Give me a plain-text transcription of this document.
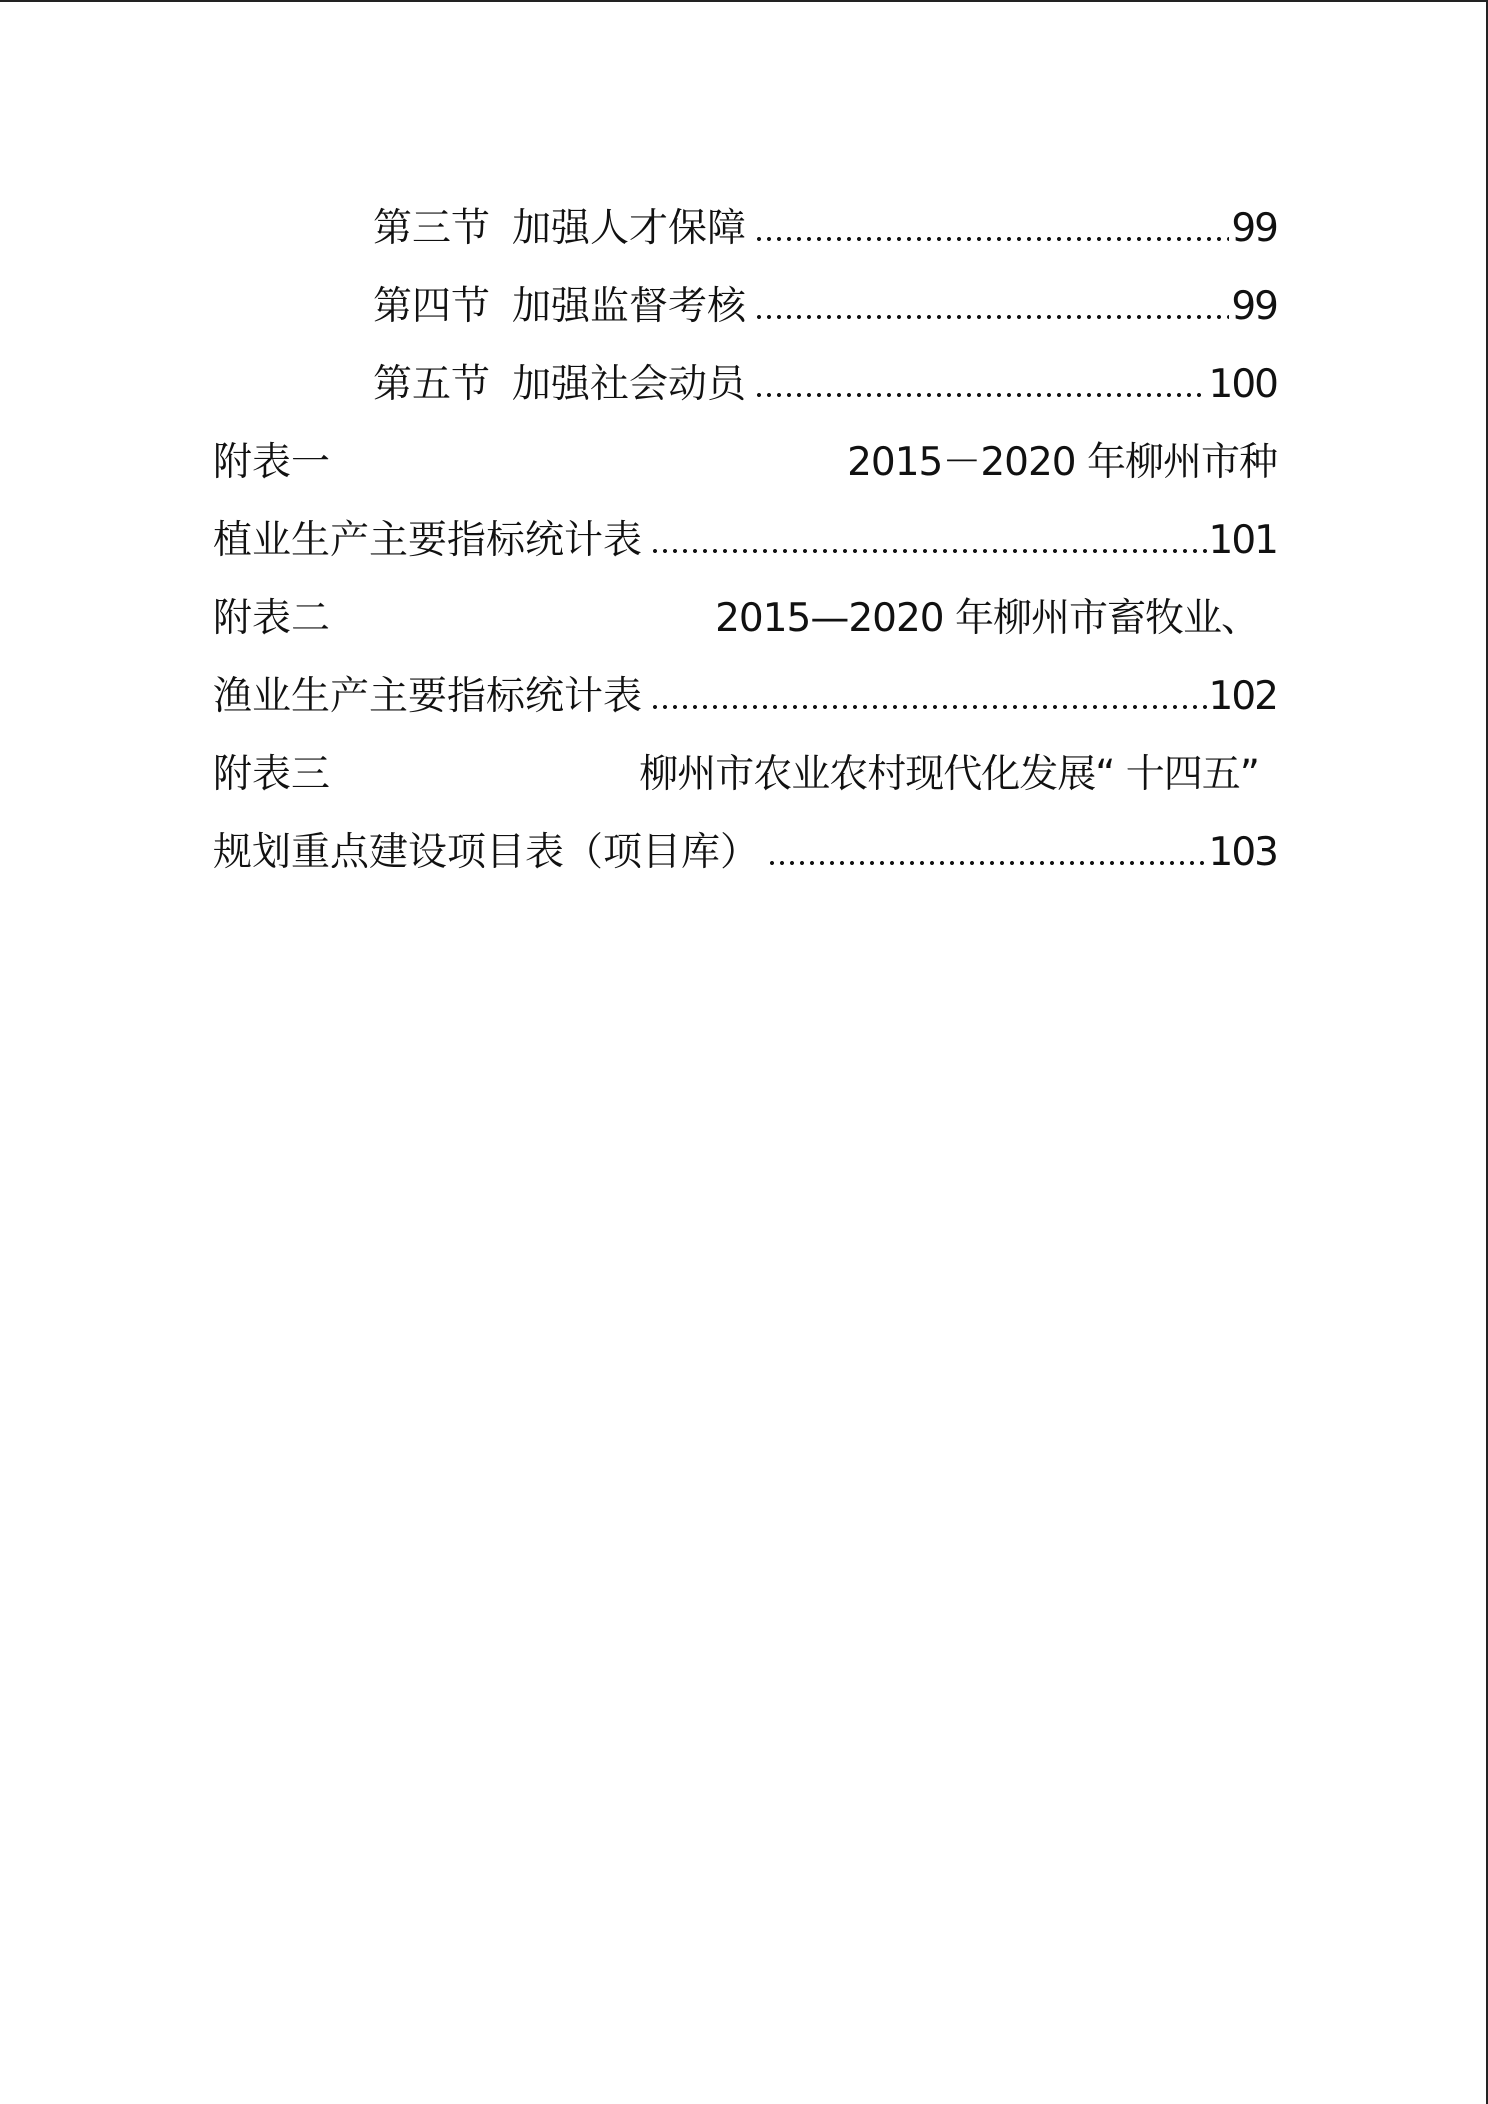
第三节 加强人才保障	99
第四节 加强监督考核	99
第五节 加强社会动员	100
附表一	2015－2020 年柳州市种
植业生产主要指标统计表	101
附表二	2015—2020 年柳州市畜牧业、
渔业生产主要指标统计表	102
附表三	柳州市农业农村现代化发展“ 十四五”
规划重点建设项目表（项目库）	103
